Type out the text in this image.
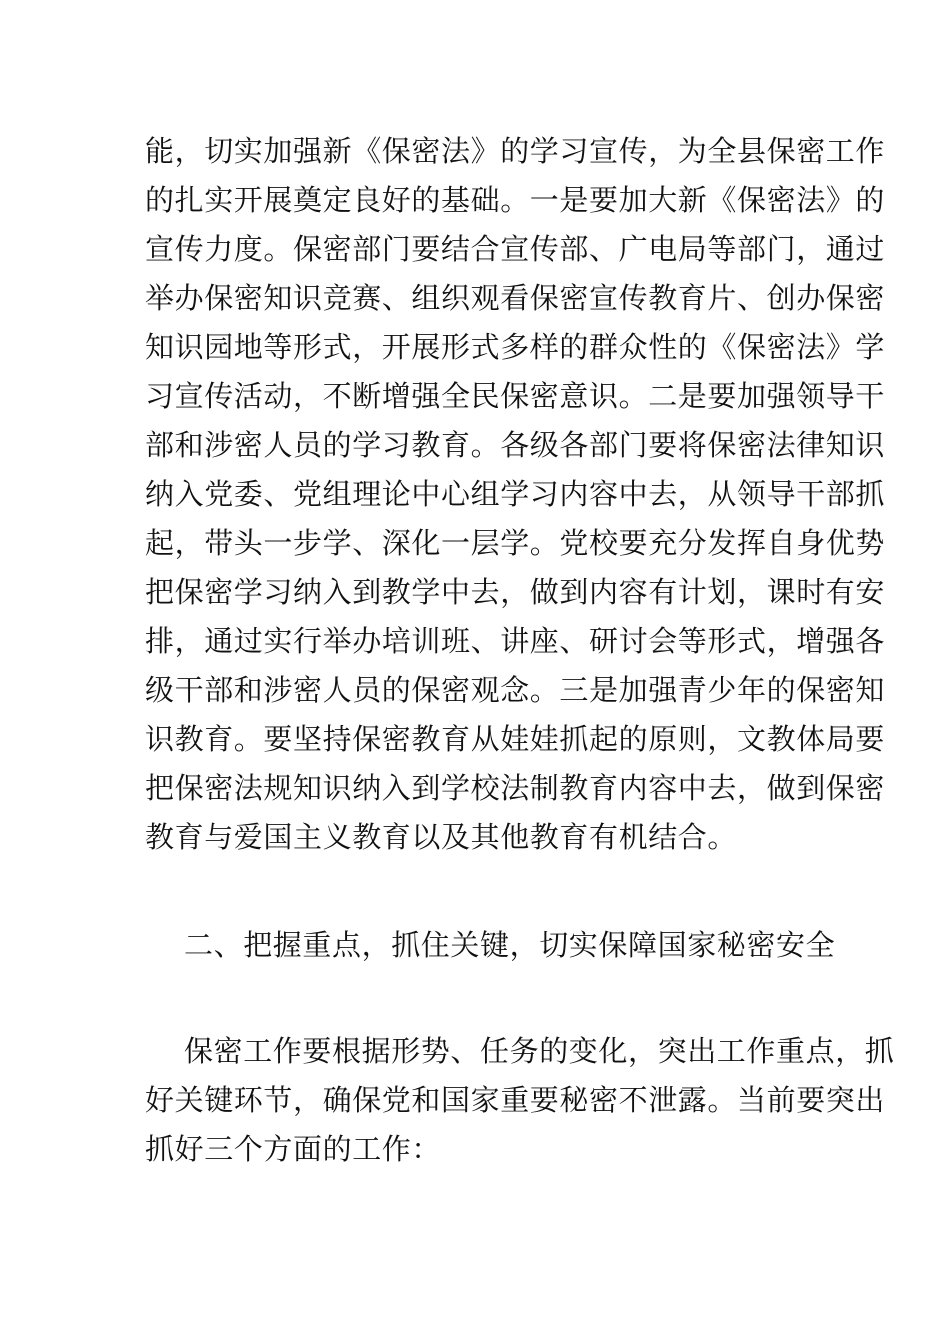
能，切实加强新《保密法》的学习宣传，为全县保密工作
的扎实开展奠定良好的基础。一是要加大新《保密法》的
宣传力度。保密部门要结合宣传部、广电局等部门，通过
举办保密知识竞赛、组织观看保密宣传教育片、创办保密
知识园地等形式，开展形式多样的群众性的《保密法》学
习宣传活动，不断增强全民保密意识。二是要加强领导干
部和涉密人员的学习教育。各级各部门要将保密法律知识
纳入党委、党组理论中心组学习内容中去，从领导干部抓
起，带头一步学、深化一层学。党校要充分发挥自身优势
把保密学习纳入到教学中去，做到内容有计划，课时有安
排，通过实行举办培训班、讲座、研讨会等形式，增强各
级干部和涉密人员的保密观念。三是加强青少年的保密知
识教育。要坚持保密教育从娃娃抓起的原则，文教体局要
把保密法规知识纳入到学校法制教育内容中去，做到保密
教育与爱国主义教育以及其他教育有机结合。
二、把握重点，抓住关键，切实保障国家秘密安全
保密工作要根据形势、任务的变化，突出工作重点，抓
好关键环节，确保党和国家重要秘密不泄露。当前要突出
抓好三个方面的工作：
